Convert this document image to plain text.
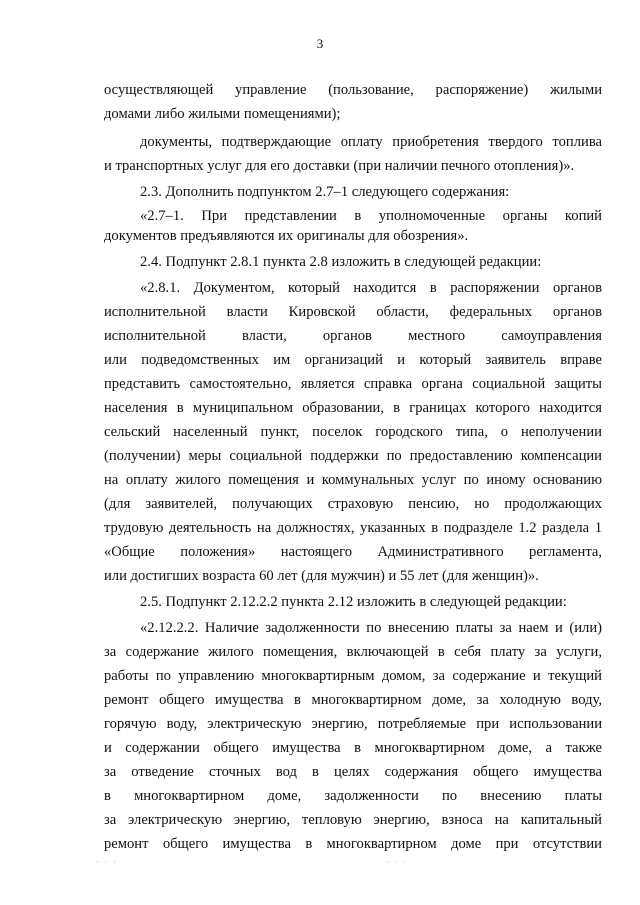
3
осуществляющей управление (пользование, распоряжение) жилыми
домами либо жилыми помещениями);
документы, подтверждающие оплату приобретения твердого топлива
и транспортных услуг для его доставки (при наличии печного отопления)».
2.3. Дополнить подпунктом 2.7–1 следующего содержания:
«2.7–1. При представлении в уполномоченные органы копий
документов предъявляются их оригиналы для обозрения».
2.4. Подпункт 2.8.1 пункта 2.8 изложить в следующей редакции:
«2.8.1. Документом, который находится в распоряжении органов
исполнительной власти Кировской области, федеральных органов
исполнительной власти, органов местного самоуправления
или подведомственных им организаций и который заявитель вправе
представить самостоятельно, является справка органа социальной защиты
населения в муниципальном образовании, в границах которого находится
сельский населенный пункт, поселок городского типа, о неполучении
(получении) меры социальной поддержки по предоставлению компенсации
на оплату жилого помещения и коммунальных услуг по иному основанию
(для заявителей, получающих страховую пенсию, но продолжающих
трудовую деятельность на должностях, указанных в подразделе 1.2 раздела 1
«Общие положения» настоящего Административного регламента,
или достигших возраста 60 лет (для мужчин) и 55 лет (для женщин)».
2.5. Подпункт 2.12.2.2 пункта 2.12 изложить в следующей редакции:
«2.12.2.2. Наличие задолженности по внесению платы за наем и (или)
за содержание жилого помещения, включающей в себя плату за услуги,
работы по управлению многоквартирным домом, за содержание и текущий
ремонт общего имущества в многоквартирном доме, за холодную воду,
горячую воду, электрическую энергию, потребляемые при использовании
и содержании общего имущества в многоквартирном доме, а также
за отведение сточных вод в целях содержания общего имущества
в многоквартирном доме, задолженности по внесению платы
за электрическую энергию, тепловую энергию, взноса на капитальный
ремонт общего имущества в многоквартирном доме при отсутствии
· · ·	· · ·
